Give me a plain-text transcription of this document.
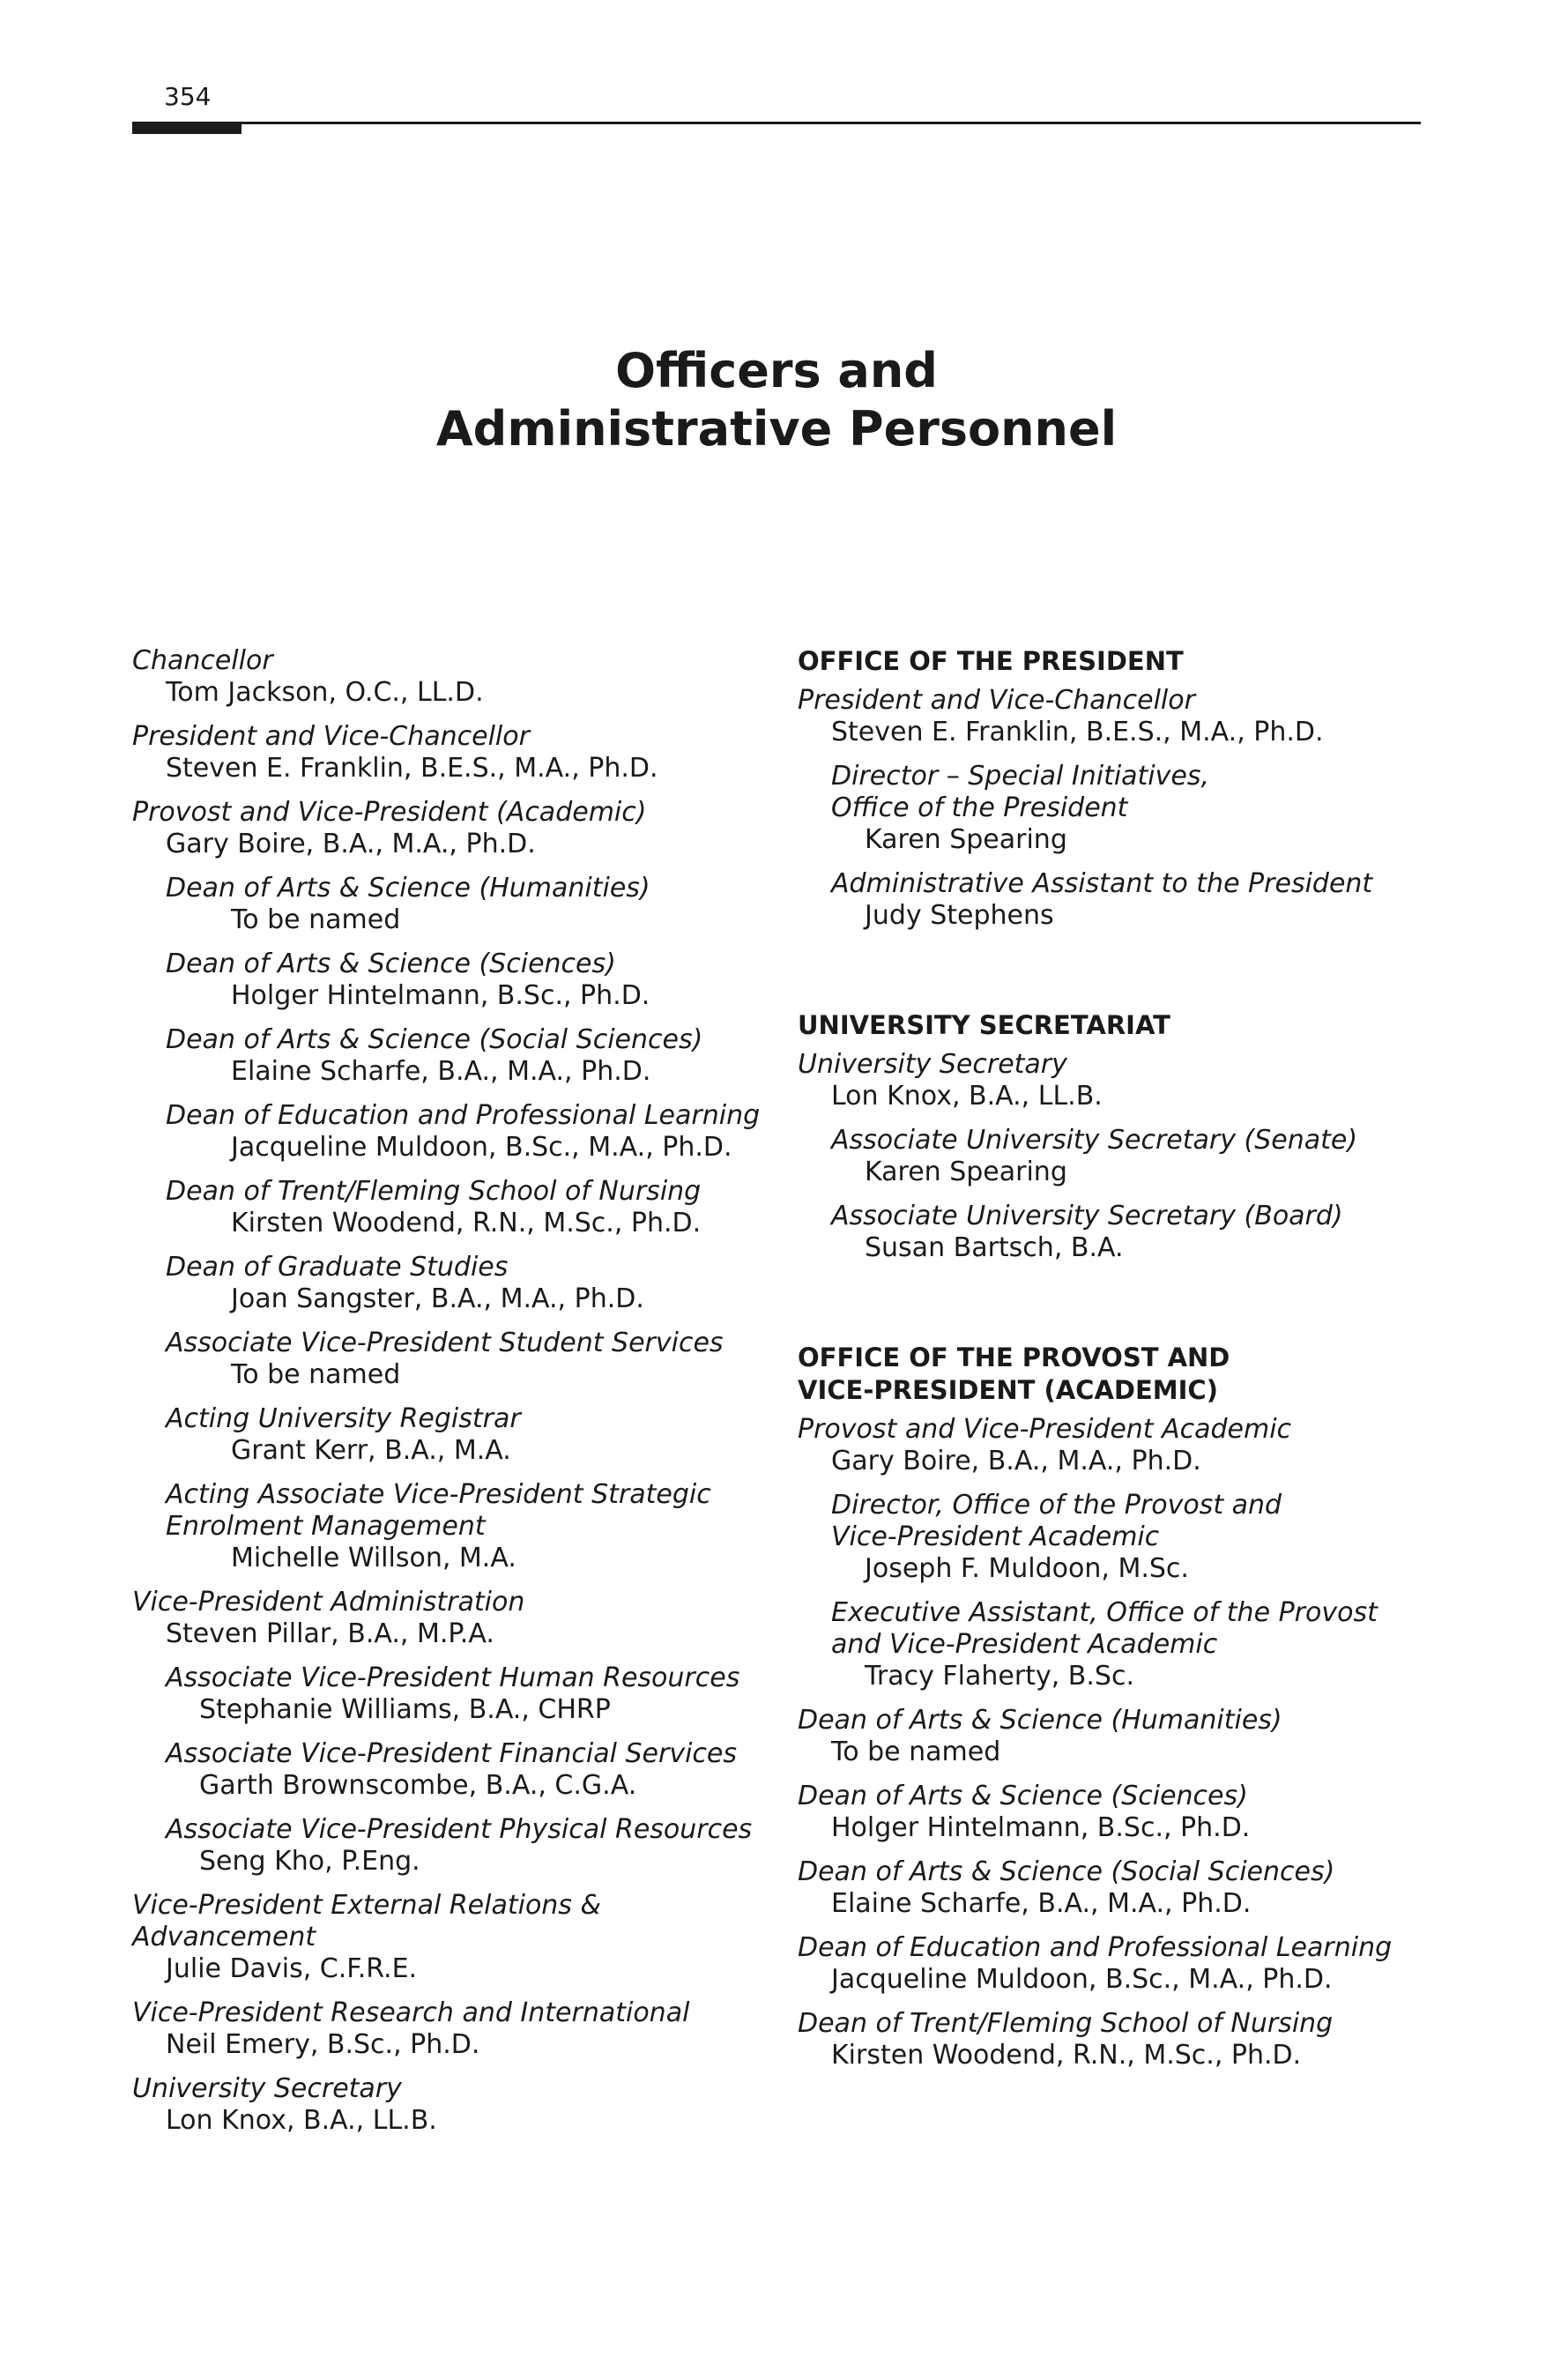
354
Officers and
Administrative Personnel
Chancellor
Tom Jackson, O.C., LL.D.
President and Vice-Chancellor
Steven E. Franklin, B.E.S., M.A., Ph.D.
Provost and Vice-President (Academic)
Gary Boire, B.A., M.A., Ph.D.
Dean of Arts & Science (Humanities)
To be named
Dean of Arts & Science (Sciences)
Holger Hintelmann, B.Sc., Ph.D.
Dean of Arts & Science (Social Sciences)
Elaine Scharfe, B.A., M.A., Ph.D.
Dean of Education and Professional Learning
Jacqueline Muldoon, B.Sc., M.A., Ph.D.
Dean of Trent/Fleming School of Nursing
Kirsten Woodend, R.N., M.Sc., Ph.D.
Dean of Graduate Studies
Joan Sangster, B.A., M.A., Ph.D.
Associate Vice-President Student Services
To be named
Acting University Registrar
Grant Kerr, B.A., M.A.
Acting Associate Vice-President Strategic
Enrolment Management
Michelle Willson, M.A.
Vice-President Administration
Steven Pillar, B.A., M.P.A.
Associate Vice-President Human Resources
Stephanie Williams, B.A., CHRP
Associate Vice-President Financial Services
Garth Brownscombe, B.A., C.G.A.
Associate Vice-President Physical Resources
Seng Kho, P.Eng.
Vice-President External Relations & Advancement
Julie Davis, C.F.R.E.
Vice-President Research and International
Neil Emery, B.Sc., Ph.D.
University Secretary
Lon Knox, B.A., LL.B.
OFFICE OF THE PRESIDENT
President and Vice-Chancellor
Steven E. Franklin, B.E.S., M.A., Ph.D.
Director – Special Initiatives,
Office of the President
Karen Spearing
Administrative Assistant to the President
Judy Stephens
UNIVERSITY SECRETARIAT
University Secretary
Lon Knox, B.A., LL.B.
Associate University Secretary (Senate)
Karen Spearing
Associate University Secretary (Board)
Susan Bartsch, B.A.
OFFICE OF THE PROVOST AND
VICE-PRESIDENT (ACADEMIC)
Provost and Vice-President Academic
Gary Boire, B.A., M.A., Ph.D.
Director, Office of the Provost and
Vice-President Academic
Joseph F. Muldoon, M.Sc.
Executive Assistant, Office of the Provost
and Vice-President Academic
Tracy Flaherty, B.Sc.
Dean of Arts & Science (Humanities)
To be named
Dean of Arts & Science (Sciences)
Holger Hintelmann, B.Sc., Ph.D.
Dean of Arts & Science (Social Sciences)
Elaine Scharfe, B.A., M.A., Ph.D.
Dean of Education and Professional Learning
Jacqueline Muldoon, B.Sc., M.A., Ph.D.
Dean of Trent/Fleming School of Nursing
Kirsten Woodend, R.N., M.Sc., Ph.D.
